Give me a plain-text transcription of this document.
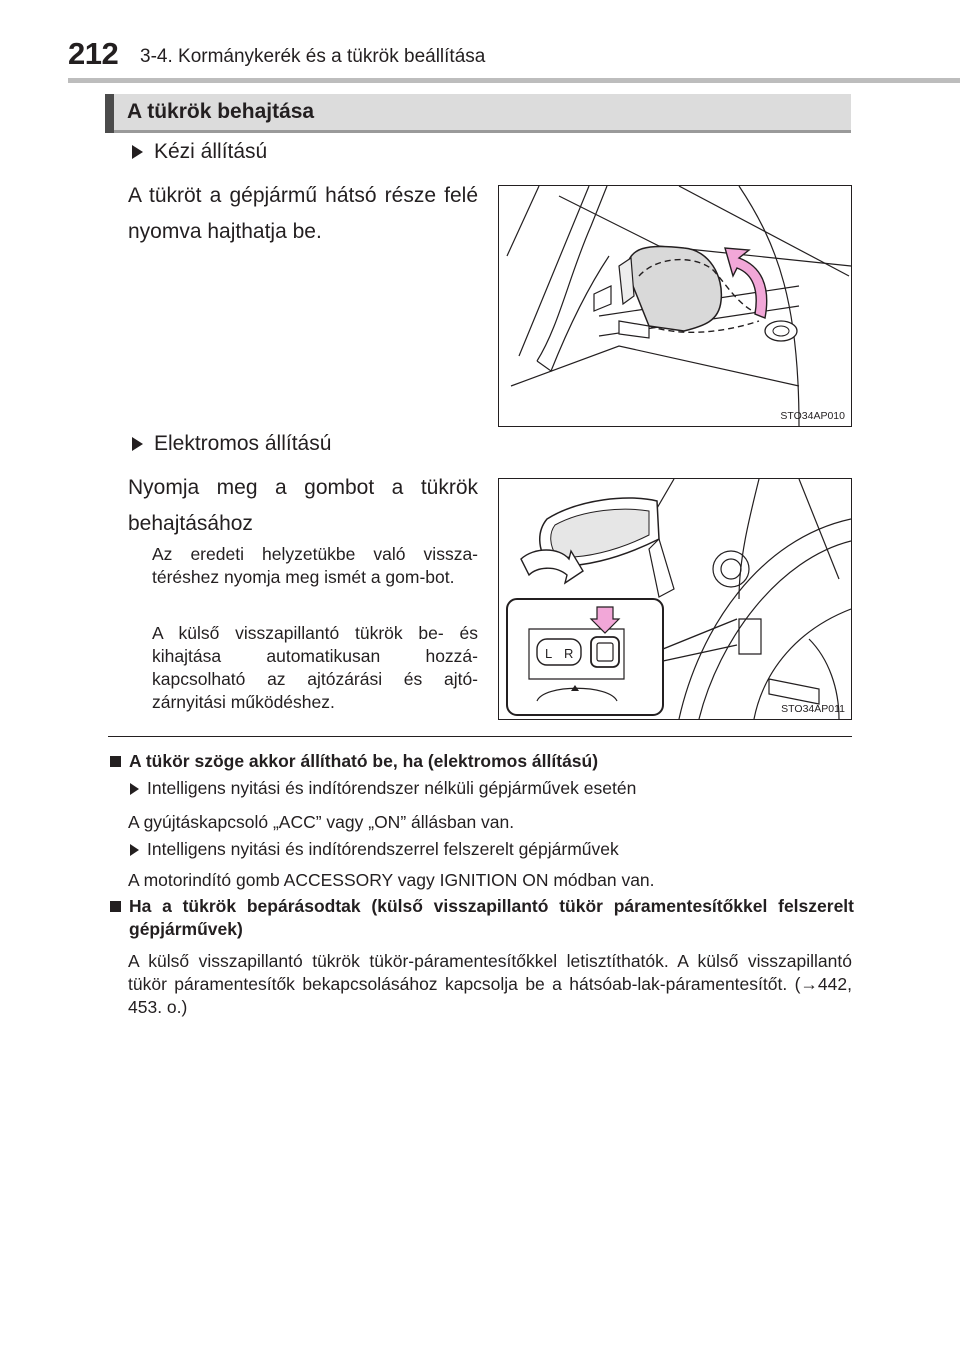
212 3-4. Kormánykerék és a tükrök beállítása
A tükrök behajtása
Kézi állítású
A tükröt a gépjármű hátsó része felé nyomva hajthatja be.
STO34AP010
Elektromos állítású
Nyomja meg a gombot a tükrök behajtásához
Az eredeti helyzetükbe való vissza-téréshez nyomja meg ismét a gom-bot.
A külső visszapillantó tükrök be- és kihajtása automatikusan hozzá-kapcsolható az ajtózárási és ajtó-zárnyitási működéshez.
L R
STO34AP011
A tükör szöge akkor állítható be, ha (elektromos állítású)
Intelligens nyitási és indítórendszer nélküli gépjárművek esetén
A gyújtáskapcsoló „ACC” vagy „ON” állásban van.
Intelligens nyitási és indítórendszerrel felszerelt gépjárművek
A motorindító gomb ACCESSORY vagy IGNITION ON módban van.
Ha a tükrök bepárásodtak (külső visszapillantó tükör páramentesítőkkel felszerelt gépjárművek)
A külső visszapillantó tükrök tükör-páramentesítőkkel letisztíthatók. A külső visszapillantó tükör páramentesítők bekapcsolásához kapcsolja be a hátsóab-lak-páramentesítőt. (→442, 453. o.)
